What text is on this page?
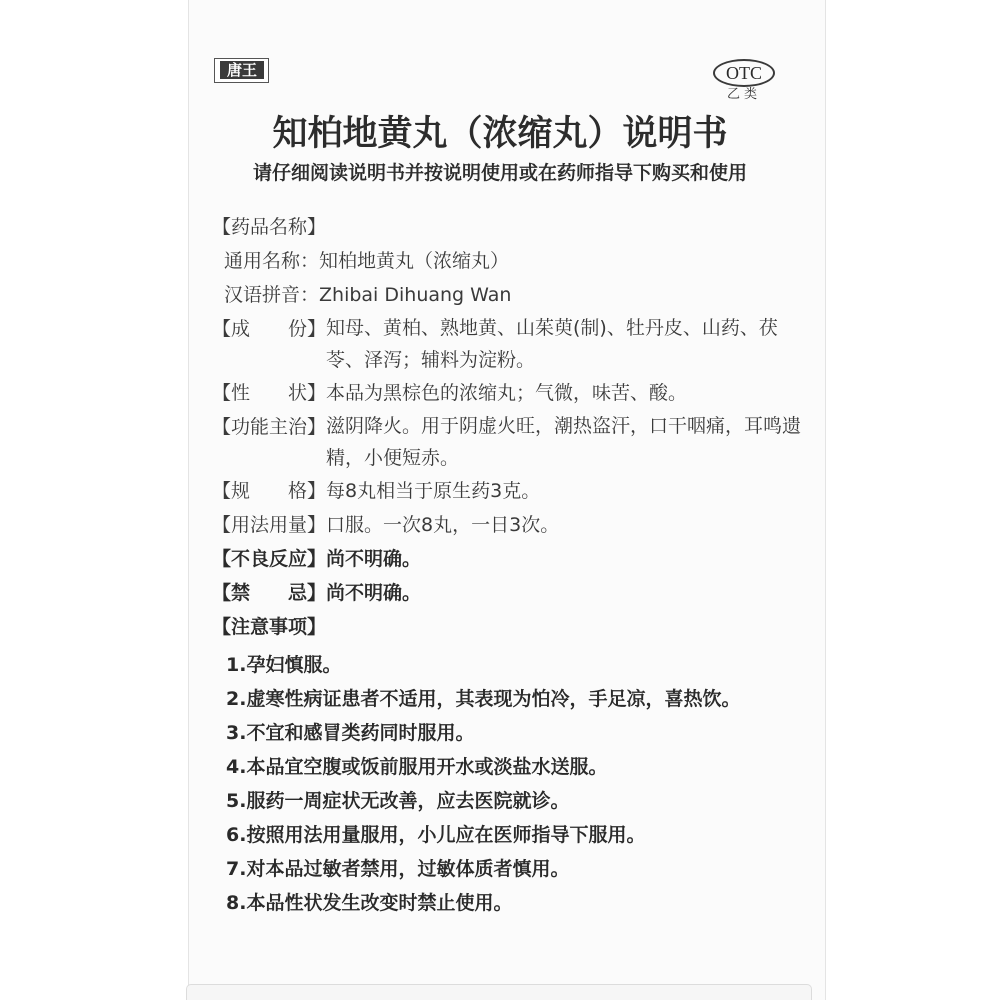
唐王	OTC
乙类
知柏地黄丸（浓缩丸）说明书
请仔细阅读说明书并按说明使用或在药师指导下购买和使用
【药品名称】
通用名称： 知柏地黄丸（浓缩丸）
汉语拼音： Zhibai Dihuang Wan
【成　　份】 知母、黄柏、熟地黄、山茱萸(制)、牡丹皮、山药、茯苓、泽泻；辅料为淀粉。
【性　　状】 本品为黑棕色的浓缩丸；气微，味苦、酸。
【功能主治】 滋阴降火。用于阴虚火旺，潮热盗汗，口干咽痛，耳鸣遗精，小便短赤。
【规　　格】 每8丸相当于原生药3克。
【用法用量】 口服。一次8丸，一日3次。
【不良反应】 尚不明确。
【禁　　忌】 尚不明确。
【注意事项】
1.孕妇慎服。
2.虚寒性病证患者不适用，其表现为怕冷，手足凉，喜热饮。
3.不宜和感冒类药同时服用。
4.本品宜空腹或饭前服用开水或淡盐水送服。
5.服药一周症状无改善，应去医院就诊。
6.按照用法用量服用，小儿应在医师指导下服用。
7.对本品过敏者禁用，过敏体质者慎用。
8.本品性状发生改变时禁止使用。
